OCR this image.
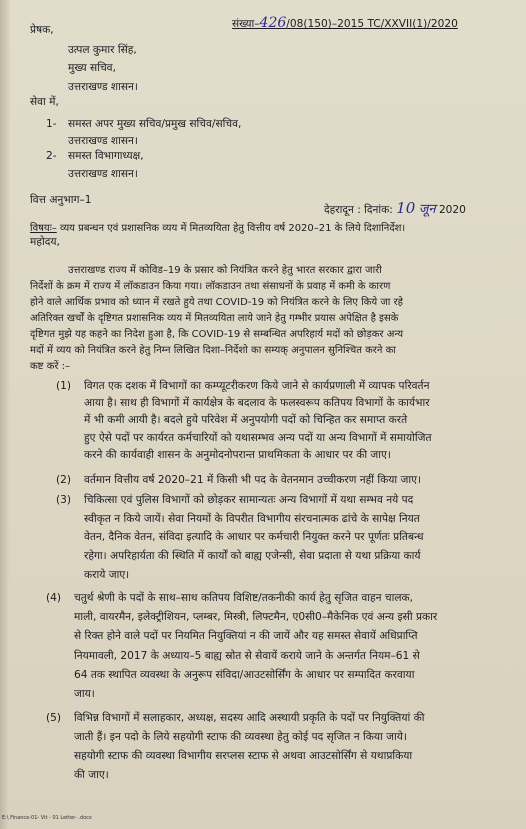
संख्या–426/08(150)–2015 TC/XXVII(1)/2020
प्रेषक,
उत्पल कुमार सिंह,
मुख्य सचिव,
उत्तराखण्ड शासन।
सेवा में,
1- समस्त अपर मुख्य सचिव/प्रमुख सचिव/सचिव,
उत्तराखण्ड शासन।
2- समस्त विभागाध्यक्ष,
उत्तराखण्ड शासन।
वित्त अनुभाग–1
देहरादून : दिनांक: 10 जून 2020
विषयः– व्यय प्रबन्धन एवं प्रशासनिक व्यय में मितव्ययिता हेतु वित्तीय वर्ष 2020–21 के लिये दिशानिर्देश।
महोदय,
उत्तराखण्ड राज्य में कोविड–19 के प्रसार को नियंत्रित करने हेतु भारत सरकार द्वारा जारी
निर्देशों के क्रम में राज्य में लॉकडाउन किया गया। लॉकडाउन तथा संसाधनों के प्रवाह में कमी के कारण
होने वाले आर्थिक प्रभाव को ध्यान में रखते हुये तथा COVID-19 को नियंत्रित करने के लिए किये जा रहे
अतिरिक्त खर्चों के दृष्टिगत प्रशासनिक व्यय में मितव्ययिता लाये जाने हेतु गम्भीर प्रयास अपेक्षित है इसके
दृष्टिगत मुझे यह कहने का निदेश हुआ है, कि COVID-19 से सम्बन्धित अपरिहार्य मदों को छोड़कर अन्य
मदों में व्यय को नियंत्रित करने हेतु निम्न लिखित दिशा–निर्देशो का सम्यक् अनुपालन सुनिश्चित करने का
कष्ट करें :–
(1) विगत एक दशक में विभागों का कम्प्यूटरीकरण किये जाने से कार्यप्रणाली में व्यापक परिवर्तन
आया है। साथ ही विभागों में कार्यक्षेत्र के बदलाव के फलस्वरूप कतिपय विभागों के कार्यभार
में भी कमी आयी है। बदले हुये परिवेश में अनुपयोगी पदों को चिन्हित कर समाप्त करते
हुए ऐसे पदों पर कार्यरत कर्मचारियों को यथासम्भव अन्य पदों या अन्य विभागों में समायोजित
करने की कार्यवाही शासन के अनुमोदनोपरान्त प्राथमिकता के आधार पर की जाए।
(2) वर्तमान वित्तीय वर्ष 2020–21 में किसी भी पद के वेतनमान उच्चीकरण नहीं किया जाए।
(3) चिकित्सा एवं पुलिस विभागों को छोड़कर सामान्यतः अन्य विभागों में यथा सम्भव नये पद
स्वीकृत न किये जायें। सेवा नियमों के विपरीत विभागीय संरचनात्मक ढांचे के सापेक्ष नियत
वेतन, दैनिक वेतन, संविदा इत्यादि के आधार पर कर्मचारी नियुक्त करने पर पूर्णतः प्रतिबन्ध
रहेगा। अपरिहार्यता की स्थिति में कार्यों को बाह्य एजेन्सी, सेवा प्रदाता से यथा प्रक्रिया कार्य
कराये जाए।
(4) चतुर्थ श्रेणी के पदों के साथ–साथ कतिपय विशिष्ट/तकनीकी कार्य हेतु सृजित वाहन चालक,
माली, वायरमैन, इलेक्ट्रीशियन, प्लम्बर, मिस्त्री, लिफ्टमैन, ए0सी0–मैकेनिक एवं अन्य इसी प्रकार
से रिक्त होने वाले पदों पर नियमित नियुक्तियां न की जायें और यह समस्त सेवायें अधिप्राप्ति
नियमावली, 2017 के अध्याय–5 बाह्य स्रोत से सेवायें कराये जाने के अन्तर्गत नियम–61 से
64 तक स्थापित व्यवस्था के अनुरूप संविदा/आउटसोर्सिंग के आधार पर सम्पादित करवाया
जाय।
(5) विभिन्न विभागों में सलाहकार, अध्यक्ष, सदस्य आदि अस्थायी प्रकृति के पदों पर नियुक्तियां की
जाती हैं। इन पदो के लिये सहयोगी स्टाफ की व्यवस्था हेतु कोई पद सृजित न किया जाये।
सहयोगी स्टाफ की व्यवस्था विभागीय सरप्लस स्टाफ से अथवा आउटसोर्सिंग से यथाप्रकिया
की जाए।
E:\ Finance-01- Vit - 01 Letter- .docx
